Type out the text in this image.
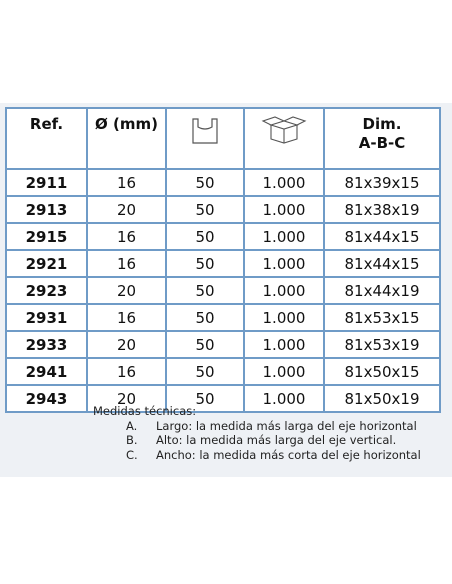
Ref.	Ø (mm)			Dim.
A-B-C

2911	16	50	1.000	81x39x15
2913	20	50	1.000	81x38x19
2915	16	50	1.000	81x44x15
2921	16	50	1.000	81x44x15
2923	20	50	1.000	81x44x19
2931	16	50	1.000	81x53x15
2933	20	50	1.000	81x53x19
2941	16	50	1.000	81x50x15
2943	20	50	1.000	81x50x19
Medidas técnicas:
A.	Largo: la medida más larga del eje horizontal
B.	Alto: la medida más larga del eje vertical.
C.	Ancho: la medida más corta del eje horizontal
